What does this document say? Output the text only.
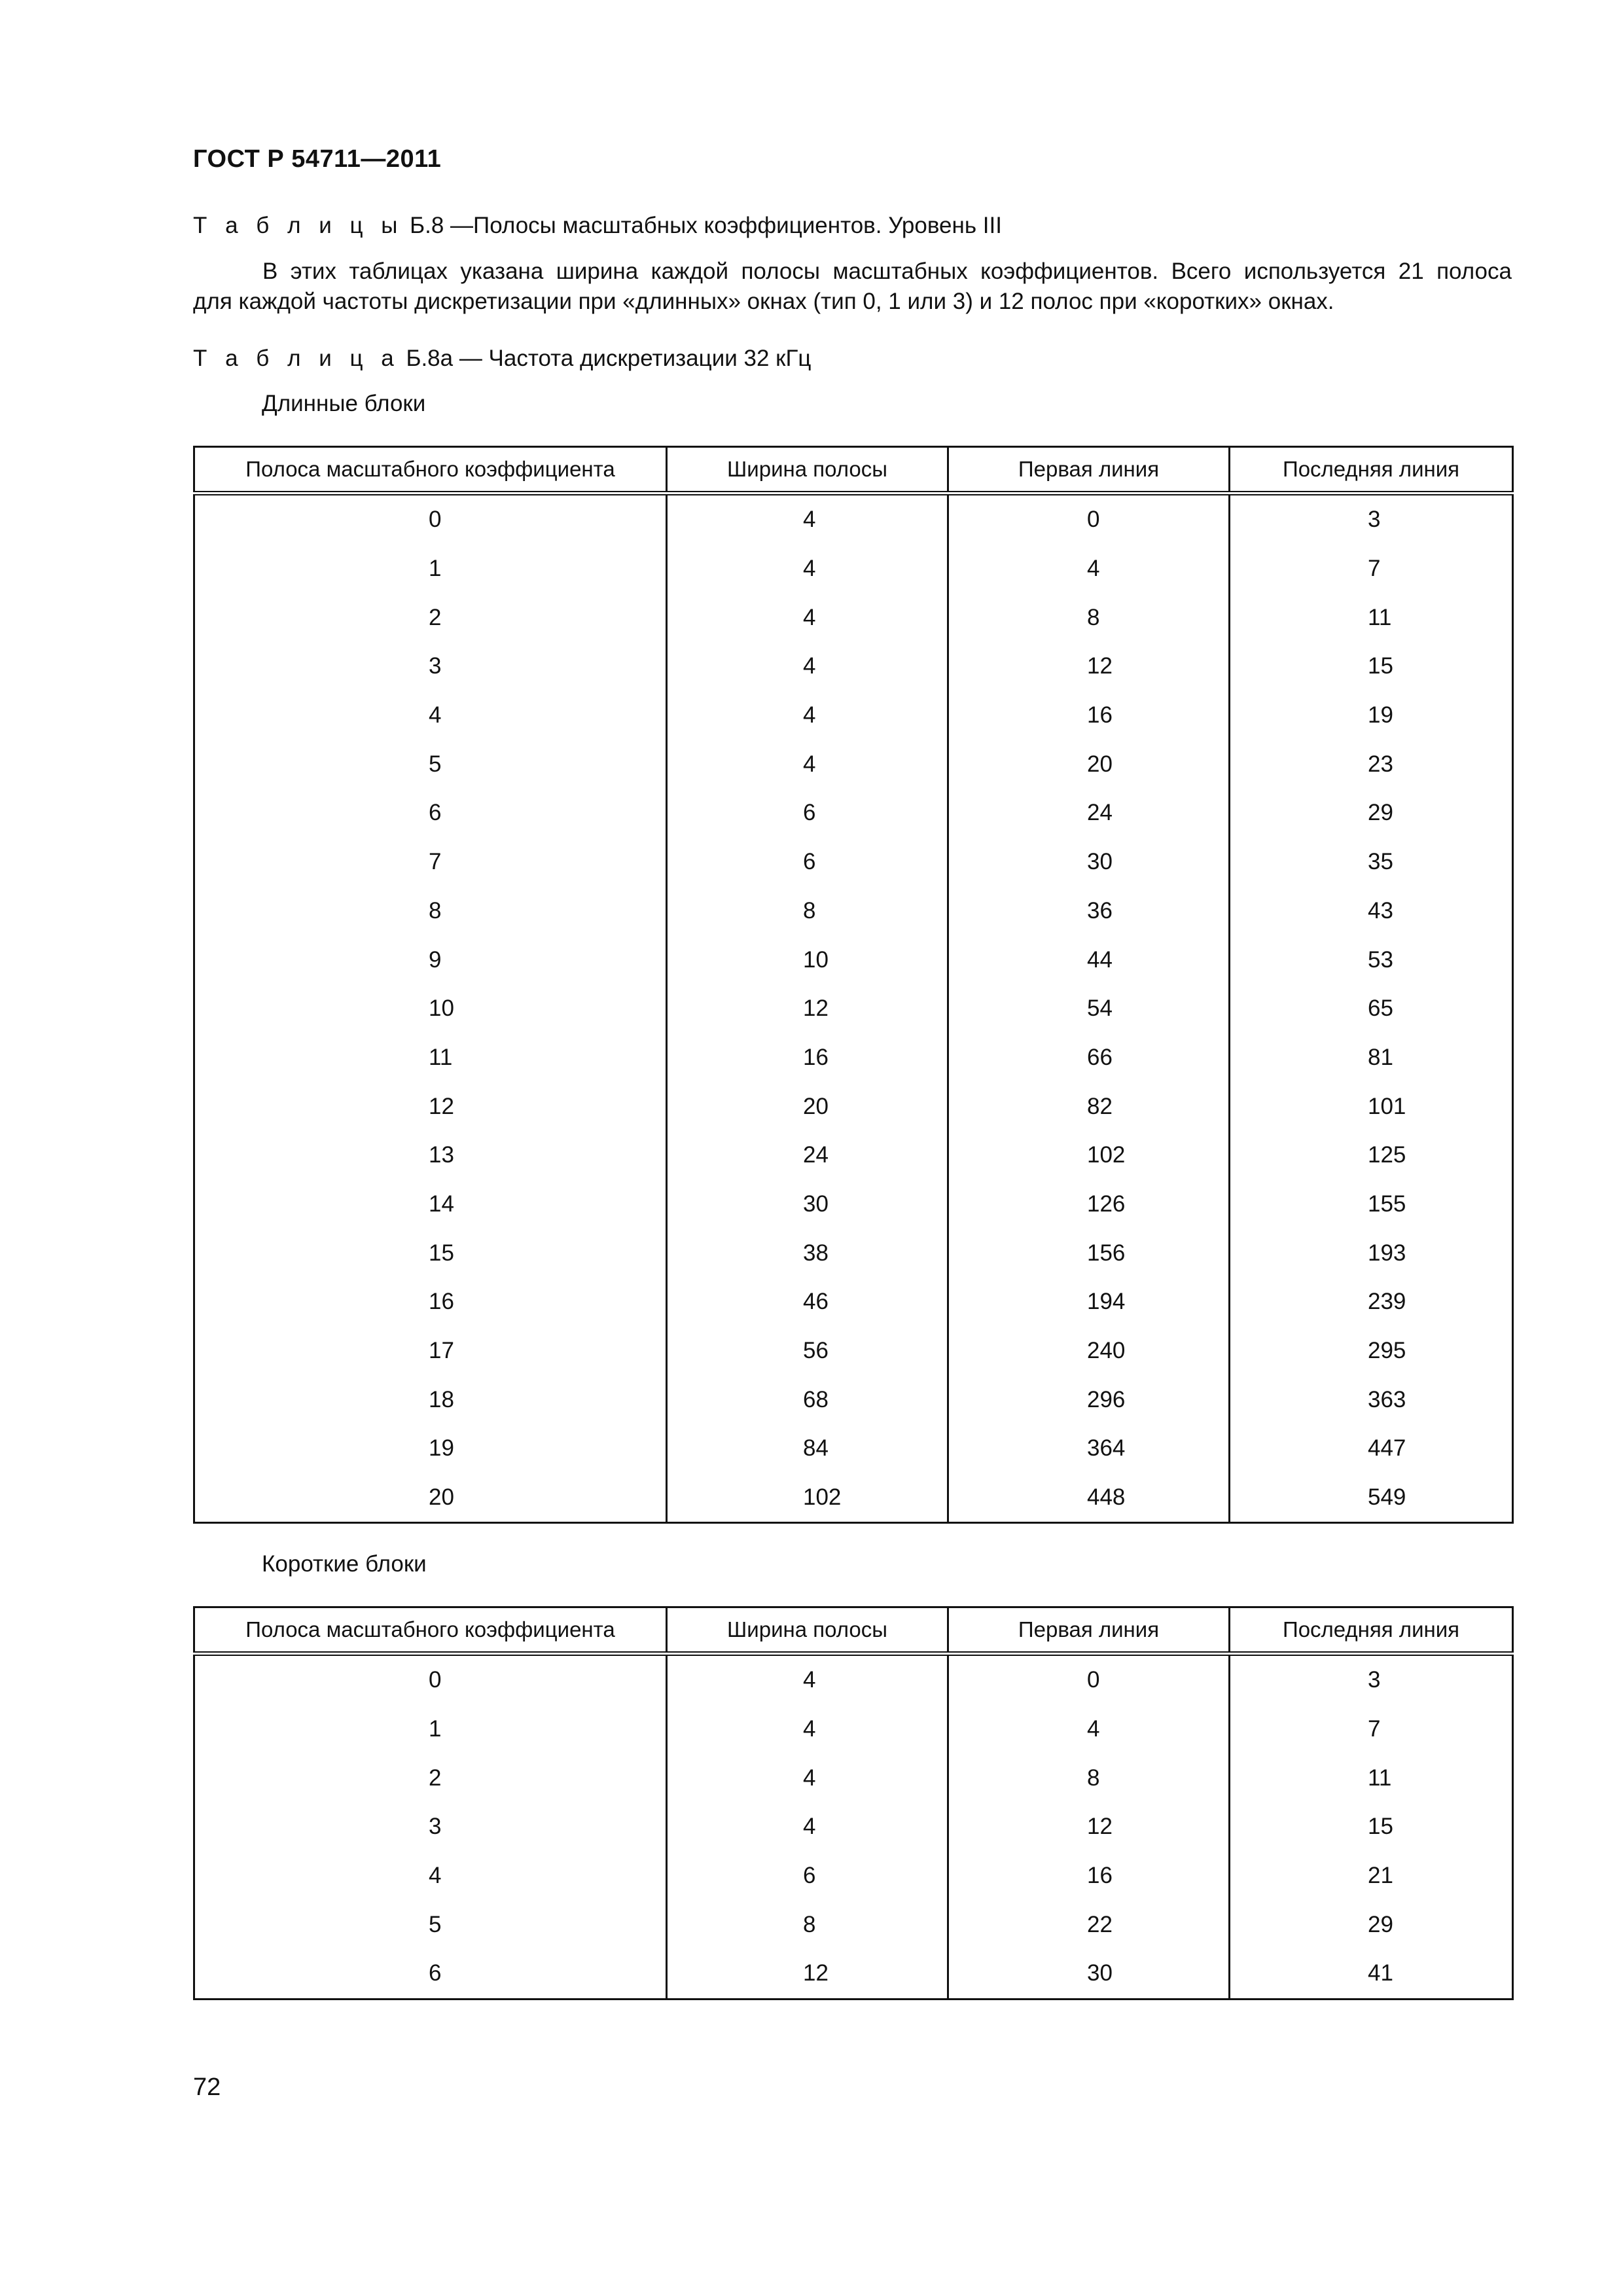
ГОСТ Р 54711—2011
Т а б л и ц ы Б.8 —Полосы масштабных коэффициентов. Уровень III
В этих таблицах указана ширина каждой полосы масштабных коэффициентов. Всего используется 21 полоса
для каждой частоты дискретизации при «длинных» окнах (тип 0, 1 или 3) и 12 полос при «коротких» окнах.
Т а б л и ц а Б.8а — Частота дискретизации 32 кГц
Длинные блоки
Полоса масштабного коэффициента	Ширина полосы	Первая линия	Последняя линия
0	4	0	3
1	4	4	7
2	4	8	11
3	4	12	15
4	4	16	19
5	4	20	23
6	6	24	29
7	6	30	35
8	8	36	43
9	10	44	53
10	12	54	65
11	16	66	81
12	20	82	101
13	24	102	125
14	30	126	155
15	38	156	193
16	46	194	239
17	56	240	295
18	68	296	363
19	84	364	447
20	102	448	549
Короткие блоки
Полоса масштабного коэффициента	Ширина полосы	Первая линия	Последняя линия
0	4	0	3
1	4	4	7
2	4	8	11
3	4	12	15
4	6	16	21
5	8	22	29
6	12	30	41
72
